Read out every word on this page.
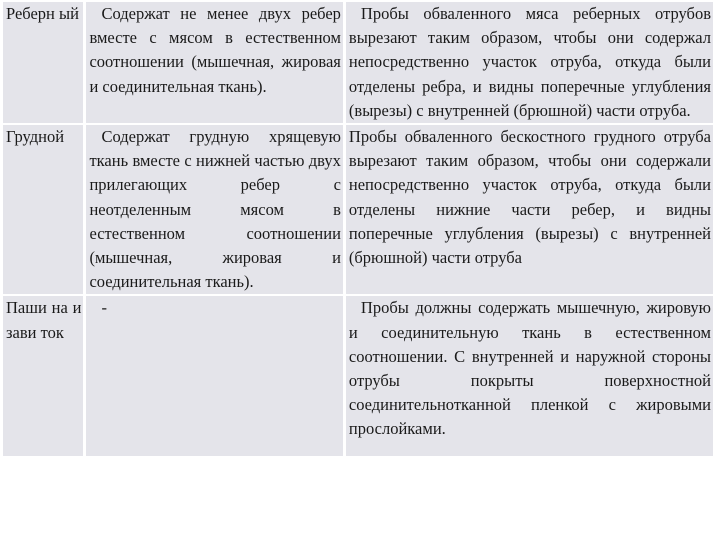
Реберн ый	Содержат не менее двух ребер вместе с мясом в естественном соотношении (мышечная, жировая и соединительная ткань).	Пробы обваленного мяса реберных отрубов вырезают таким образом, чтобы они содержал непосредственно участок отруба, откуда были отделены ребра, и видны поперечные углубления (вырезы) с внутренней (брюшной) части отруба.
Грудной	Содержат грудную хрящевую ткань вместе с нижней частью двух прилегающих ребер с неотделенным мясом в естественном соотношении (мышечная, жировая и соединительная ткань).	Пробы обваленного бескостного грудного отруба вырезают таким образом, чтобы они содержали непосредственно участок отруба, откуда были отделены нижние части ребер, и видны поперечные углубления (вырезы) с внутренней (брюшной) части отруба
Паши на и зави ток	-	Пробы должны содержать мышечную, жировую и соединительную ткань в естественном соотношении. С внутренней и наружной стороны отрубы покрыты поверхностной соединительнотканной пленкой с жировыми прослойками.
